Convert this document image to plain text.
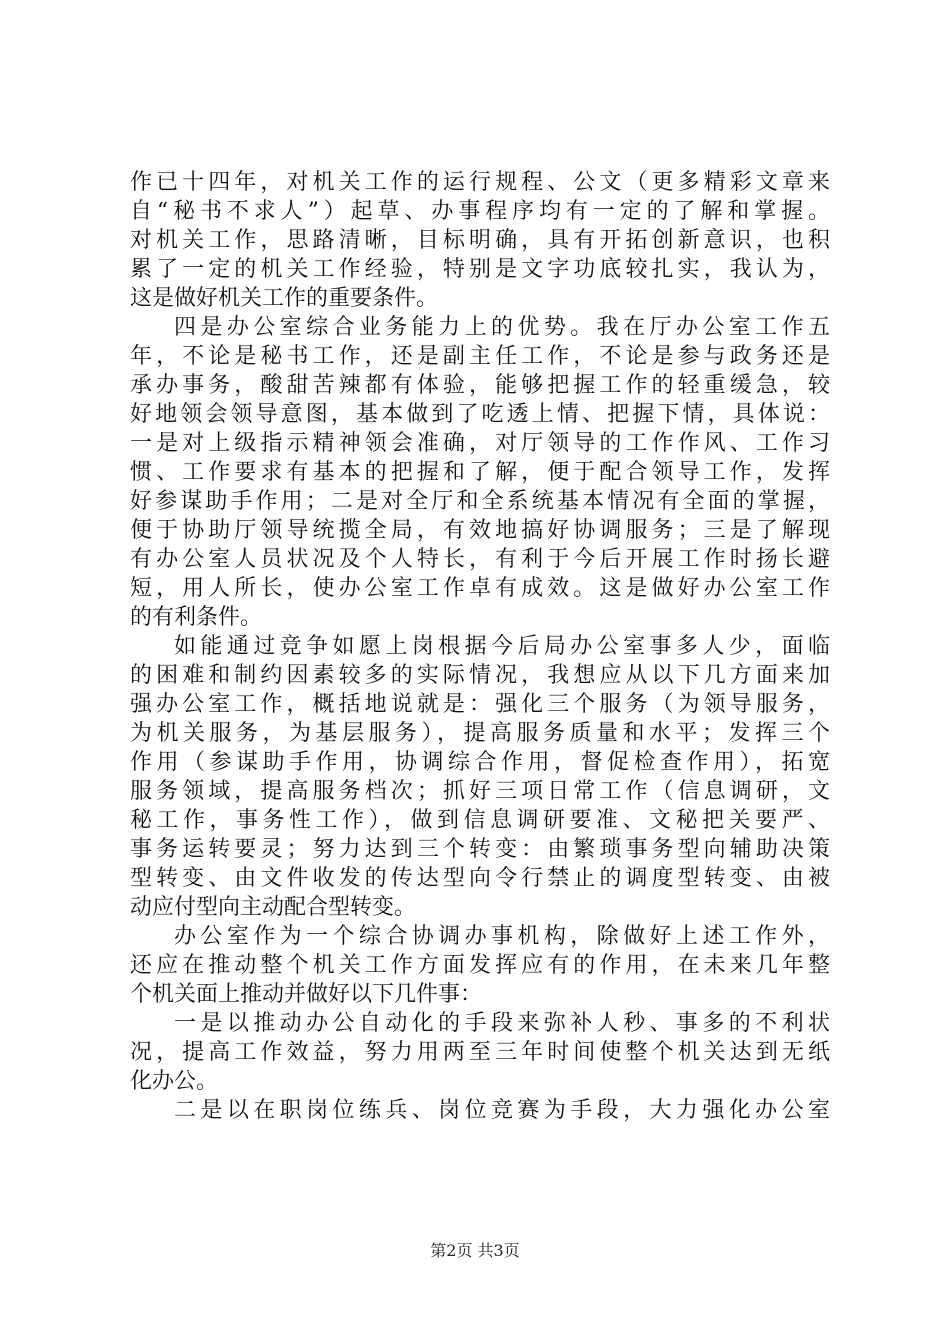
作已十四年，对机关工作的运行规程、公文（更多精彩文章来
自“秘书不求人”）起草、办事程序均有一定的了解和掌握。
对机关工作，思路清晰，目标明确，具有开拓创新意识，也积
累了一定的机关工作经验，特别是文字功底较扎实，我认为，
这是做好机关工作的重要条件。
四是办公室综合业务能力上的优势。我在厅办公室工作五
年，不论是秘书工作，还是副主任工作，不论是参与政务还是
承办事务，酸甜苦辣都有体验，能够把握工作的轻重缓急，较
好地领会领导意图，基本做到了吃透上情、把握下情，具体说：
一是对上级指示精神领会准确，对厅领导的工作作风、工作习
惯、工作要求有基本的把握和了解，便于配合领导工作，发挥
好参谋助手作用；二是对全厅和全系统基本情况有全面的掌握，
便于协助厅领导统揽全局，有效地搞好协调服务；三是了解现
有办公室人员状况及个人特长，有利于今后开展工作时扬长避
短，用人所长，使办公室工作卓有成效。这是做好办公室工作
的有利条件。
如能通过竞争如愿上岗根据今后局办公室事多人少，面临
的困难和制约因素较多的实际情况，我想应从以下几方面来加
强办公室工作，概括地说就是：强化三个服务（为领导服务，
为机关服务，为基层服务），提高服务质量和水平；发挥三个
作用（参谋助手作用，协调综合作用，督促检查作用），拓宽
服务领域，提高服务档次；抓好三项日常工作（信息调研，文
秘工作，事务性工作），做到信息调研要准、文秘把关要严、
事务运转要灵；努力达到三个转变：由繁琐事务型向辅助决策
型转变、由文件收发的传达型向令行禁止的调度型转变、由被
动应付型向主动配合型转变。
办公室作为一个综合协调办事机构，除做好上述工作外，
还应在推动整个机关工作方面发挥应有的作用，在未来几年整
个机关面上推动并做好以下几件事：
一是以推动办公自动化的手段来弥补人秒、事多的不利状
况，提高工作效益，努力用两至三年时间使整个机关达到无纸
化办公。
二是以在职岗位练兵、岗位竞赛为手段，大力强化办公室
第2页 共3页
